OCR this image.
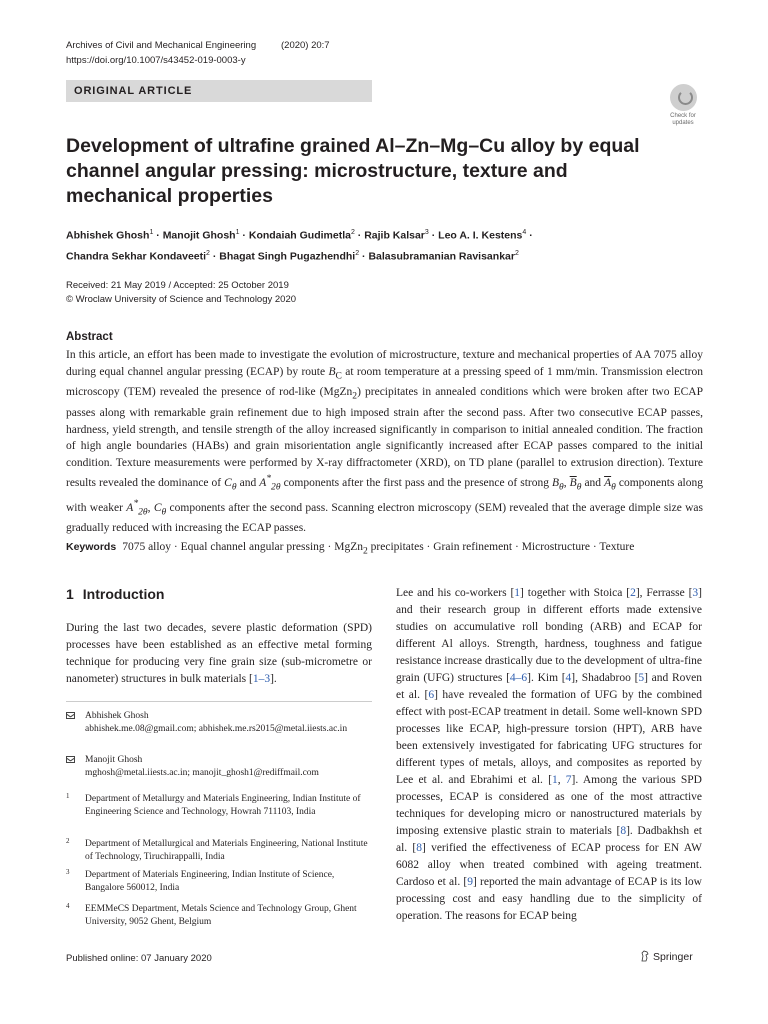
Archives of Civil and Mechanical Engineering	(2020) 20:7
https://doi.org/10.1007/s43452-019-0003-y
ORIGINAL ARTICLE
Check for
updates
Development of ultrafine grained Al–Zn–Mg–Cu alloy by equal channel angular pressing: microstructure, texture and mechanical properties
Abhishek Ghosh$^1$ · Manojit Ghosh$^1$ · Kondaiah Gudimetla$^2$ · Rajib Kalsar$^3$ · Leo A. I. Kestens$^4$ ·
Chandra Sekhar Kondaveeti$^2$ · Bhagat Singh Pugazhendhi$^2$ · Balasubramanian Ravisankar$^2$
Received: 21 May 2019 / Accepted: 25 October 2019
© Wroclaw University of Science and Technology 2020
Abstract
In this article, an effort has been made to investigate the evolution of microstructure, texture and mechanical properties of AA 7075 alloy during equal channel angular pressing (ECAP) by route $B_C$ at room temperature at a pressing speed of 1 mm/min. Transmission electron microscopy (TEM) revealed the presence of rod-like (MgZn$_2$) precipitates in annealed conditions which were broken after two ECAP passes along with remarkable grain refinement due to high imposed strain after the second pass. After two consecutive ECAP passes, hardness, yield strength, and tensile strength of the alloy increased significantly in comparison to initial annealed condition. The fraction of high angle boundaries (HABs) and grain misorientation angle significantly increased after ECAP passes compared to the initial condition. Texture measurements were performed by X-ray diffractometer (XRD), on TD plane (parallel to extrusion direction). Texture results revealed the dominance of $C_\theta$ and $A^*_{2\theta}$ components after the first pass and the presence of strong $B_\theta$, $\overline{B}_\theta$ and $\overline{A}_\theta$ components along with weaker $A^*_{2\theta}$, $C_\theta$ components after the second pass. Scanning electron microscopy (SEM) revealed that the average dimple size was gradually reduced with increasing the ECAP passes.
Keywords 7075 alloy · Equal channel angular pressing · MgZn$_2$ precipitates · Grain refinement · Microstructure · Texture
1 Introduction
During the last two decades, severe plastic deformation (SPD) processes have been established as an effective metal forming technique for producing very fine grain size (sub-micrometre or nanometer) structures in bulk materials [1–3].
Lee and his co-workers [1] together with Stoica [2], Ferrasse [3] and their research group in different efforts made extensive studies on accumulative roll bonding (ARB) and ECAP for different Al alloys. Strength, hardness, toughness and fatigue resistance increase drastically due to the development of ultra-fine grain (UFG) structures [4–6]. Kim [4], Shadabroo [5] and Roven et al. [6] have revealed the formation of UFG by the combined effect with post-ECAP treatment in detail. Some well-known SPD processes like ECAP, high-pressure torsion (HPT), ARB have been extensively investigated for fabricating UFG structures for different types of metals, alloys, and composites as reported by Lee et al. and Ebrahimi et al. [1, 7]. Among the various SPD processes, ECAP is considered as one of the most attractive techniques for developing micro or nanostructured materials by imposing extensive plastic strain to materials [8]. Dadbakhsh et al. [8] verified the effectiveness of ECAP process for EN AW 6082 alloy when treated combined with ageing treatment. Cardoso et al. [9] reported the main advantage of ECAP is its low processing cost and easy handling due to the simplicity of operation. The reasons for ECAP being
Abhishek Ghosh
abhishek.me.08@gmail.com; abhishek.me.rs2015@metal.iiests.ac.in
Manojit Ghosh
mghosh@metal.iiests.ac.in; manojit_ghosh1@rediffmail.com
1 Department of Metallurgy and Materials Engineering, Indian Institute of Engineering Science and Technology, Howrah 711103, India
2 Department of Metallurgical and Materials Engineering, National Institute of Technology, Tiruchirappalli, India
3 Department of Materials Engineering, Indian Institute of Science, Bangalore 560012, India
4 EEMMeCS Department, Metals Science and Technology Group, Ghent University, 9052 Ghent, Belgium
Published online: 07 January 2020	Springer
